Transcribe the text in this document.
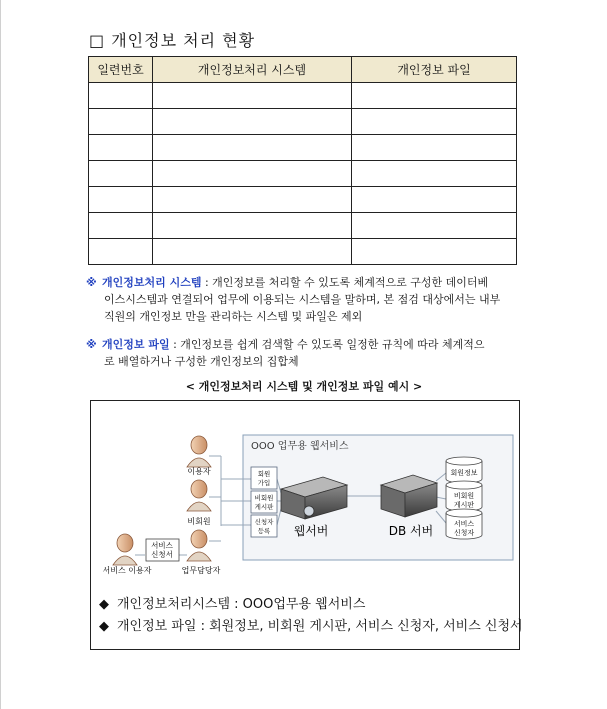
□ 개인정보 처리 현황
일련번호	개인정보처리 시스템	개인정보 파일

※ 개인정보처리 시스템 : 개인정보를 처리할 수 있도록 체계적으로 구성한 데이터베
이스시스템과 연결되어 업무에 이용되는 시스템을 말하며, 본 점검 대상에서는 내부
직원의 개인정보 만을 관리하는 시스템 및 파일은 제외
※ 개인정보 파일 : 개인정보를 쉽게 검색할 수 있도록 일정한 규칙에 따라 체계적으
로 배열하거나 구성한 개인정보의 집합체
< 개인정보처리 시스템 및 개인정보 파일 예시 >
OOO 업무용 웹서비스
이용자
비회원
서비스 이용자	업무담당자
서비스
신청서
회원
가입
비회원
게시판
신청자
등록 웹서버	DB 서버
회원정보
비회원
게시판
서비스
신청자
◆ 개인정보처리시스템 : OOO업무용 웹서비스
◆ 개인정보 파일 : 회원정보, 비회원 게시판, 서비스 신청자, 서비스 신청서
